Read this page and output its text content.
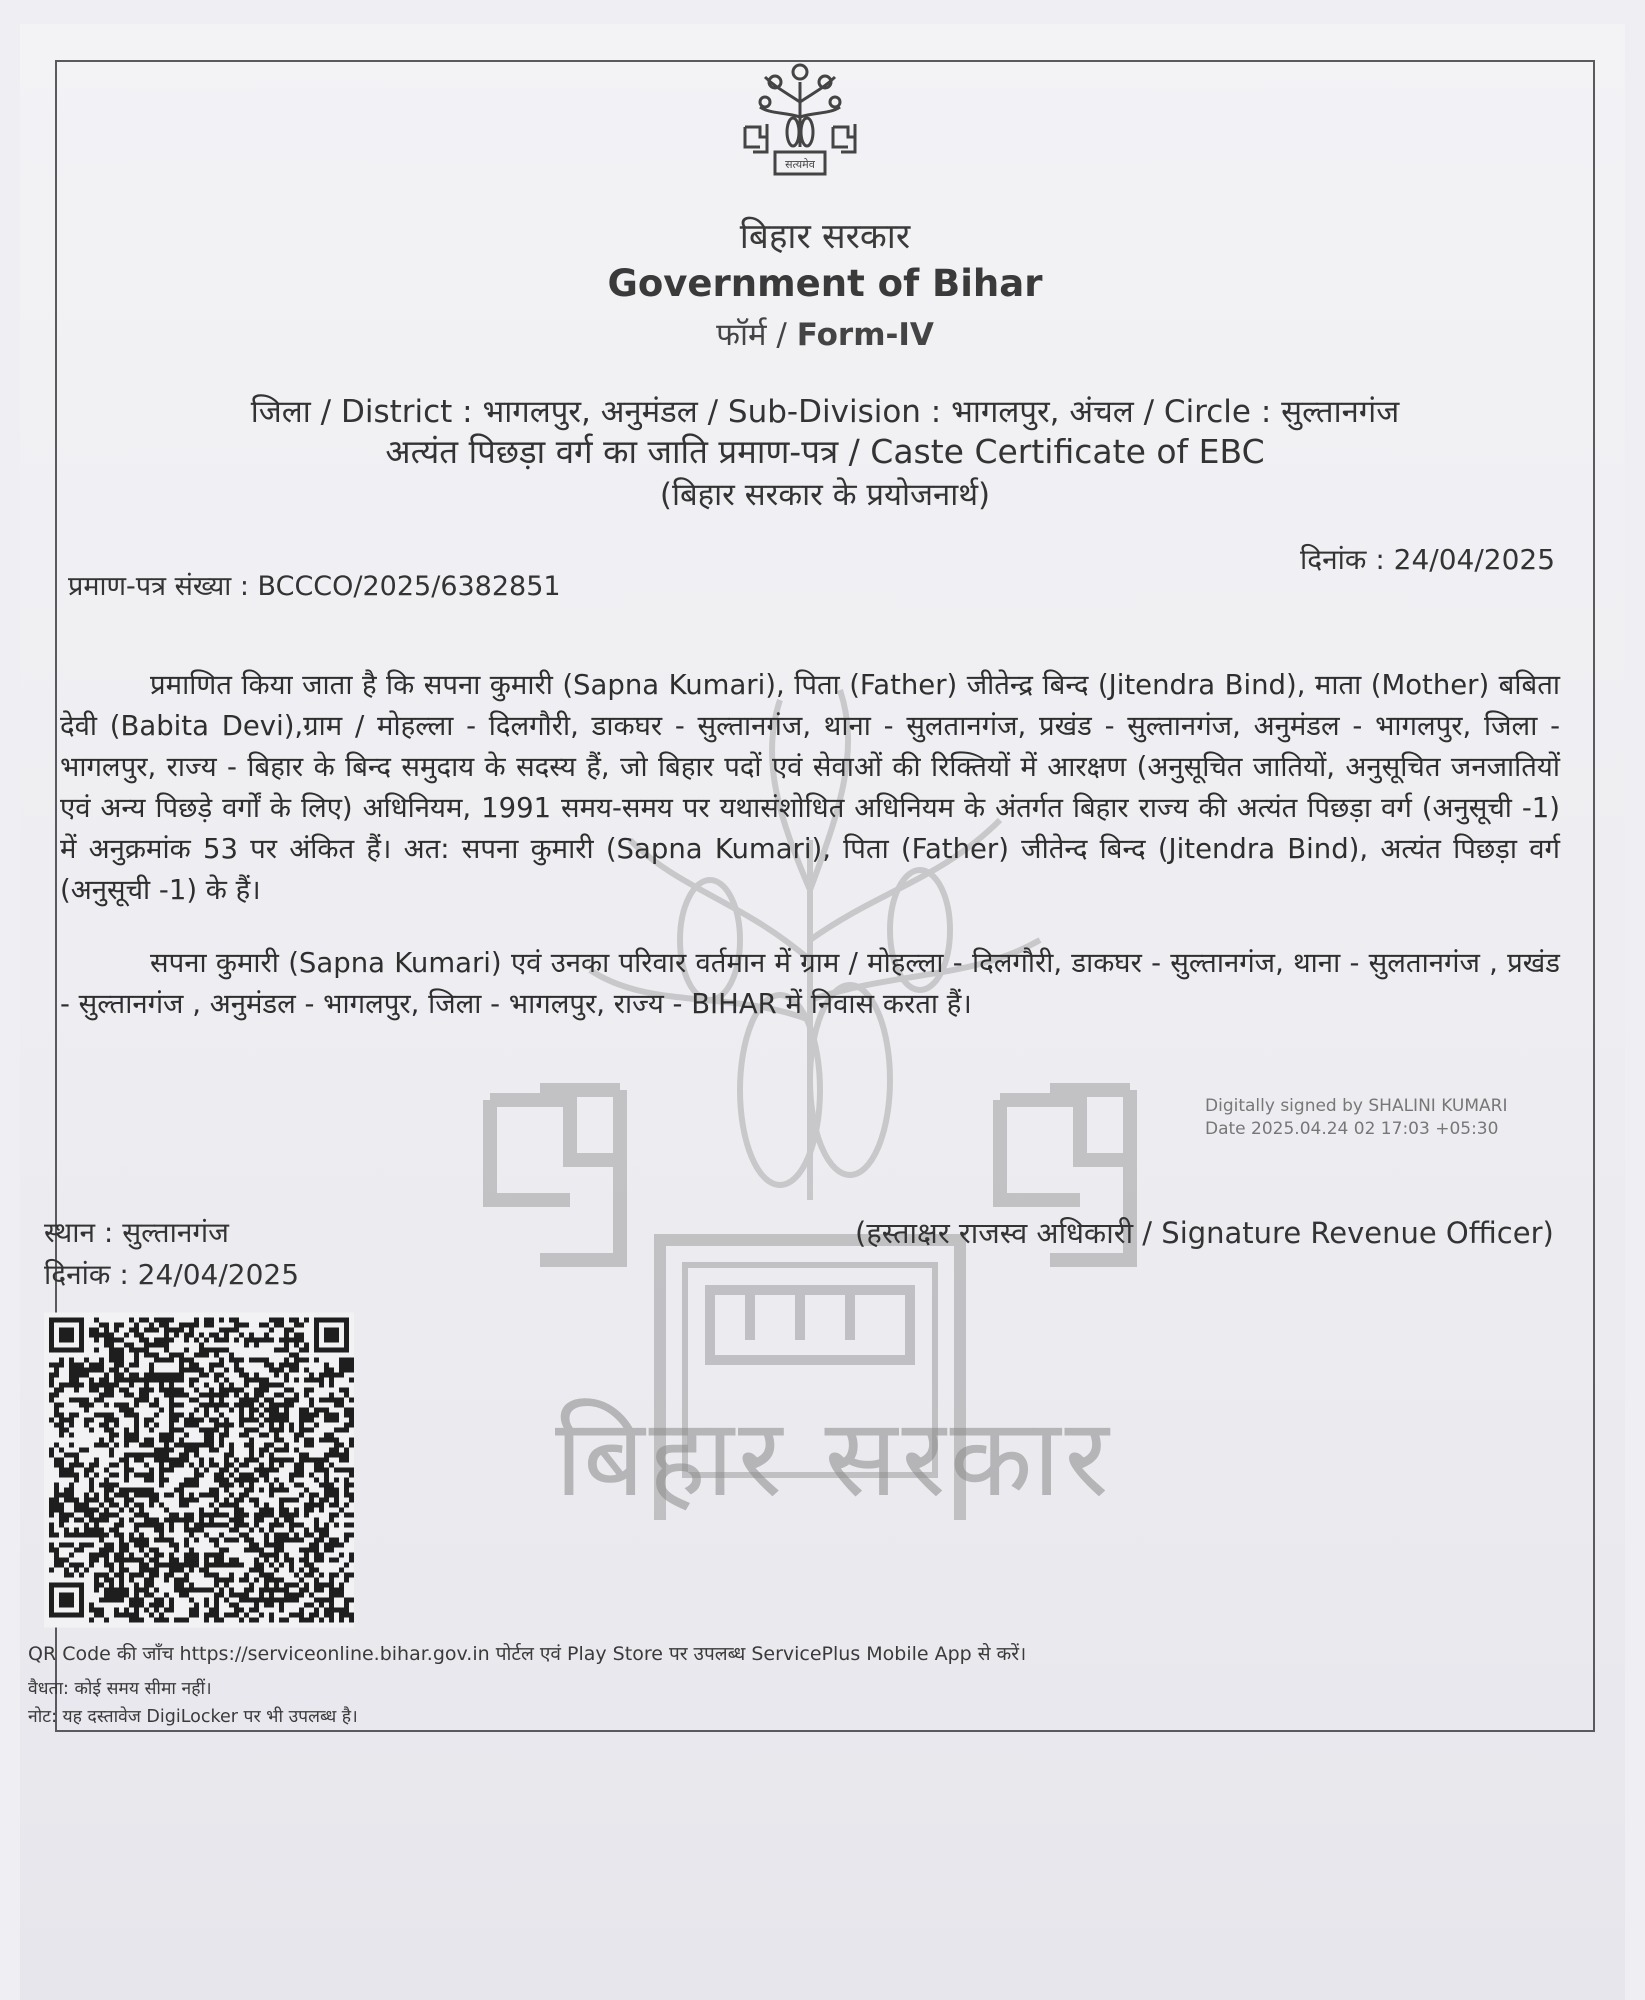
बिहार सरकार
सत्यमेव
बिहार सरकार
Government of Bihar
फॉर्म / Form-IV
जिला / District : भागलपुर, अनुमंडल / Sub-Division : भागलपुर, अंचल / Circle : सुल्तानगंज
अत्यंत पिछड़ा वर्ग का जाति प्रमाण-पत्र / Caste Certificate of EBC
(बिहार सरकार के प्रयोजनार्थ)
प्रमाण-पत्र संख्या : BCCCO/2025/6382851
दिनांक : 24/04/2025
प्रमाणित किया जाता है कि सपना कुमारी (Sapna Kumari), पिता (Father) जीतेन्द्र बिन्द (Jitendra Bind), माता (Mother) बबिता देवी (Babita Devi),ग्राम / मोहल्ला - दिलगौरी, डाकघर - सुल्तानगंज, थाना - सुलतानगंज, प्रखंड - सुल्तानगंज, अनुमंडल - भागलपुर, जिला - भागलपुर, राज्य - बिहार के बिन्द समुदाय के सदस्य हैं, जो बिहार पदों एवं सेवाओं की रिक्तियों में आरक्षण (अनुसूचित जातियों, अनुसूचित जनजातियों एवं अन्य पिछड़े वर्गों के लिए) अधिनियम, 1991 समय-समय पर यथासंशोधित अधिनियम के अंतर्गत बिहार राज्य की अत्यंत पिछड़ा वर्ग (अनुसूची -1) में अनुक्रमांक 53 पर अंकित हैं। अत: सपना कुमारी (Sapna Kumari), पिता (Father) जीतेन्द बिन्द (Jitendra Bind), अत्यंत पिछड़ा वर्ग (अनुसूची -1) के हैं।
सपना कुमारी (Sapna Kumari) एवं उनका परिवार वर्तमान में ग्राम / मोहल्ला - दिलगौरी, डाकघर - सुल्तानगंज, थाना - सुलतानगंज , प्रखंड - सुल्तानगंज , अनुमंडल - भागलपुर, जिला - भागलपुर, राज्य - BIHAR में निवास करता हैं।
Digitally signed by SHALINI KUMARI
Date 2025.04.24 02 17:03 +05:30
(हस्ताक्षर राजस्व अधिकारी / Signature Revenue Officer)
स्थान : सुल्तानगंज
दिनांक : 24/04/2025
QR Code की जाँच https://serviceonline.bihar.gov.in पोर्टल एवं Play Store पर उपलब्ध ServicePlus Mobile App से करें।
वैधता: कोई समय सीमा नहीं।
नोट: यह दस्तावेज DigiLocker पर भी उपलब्ध है।
